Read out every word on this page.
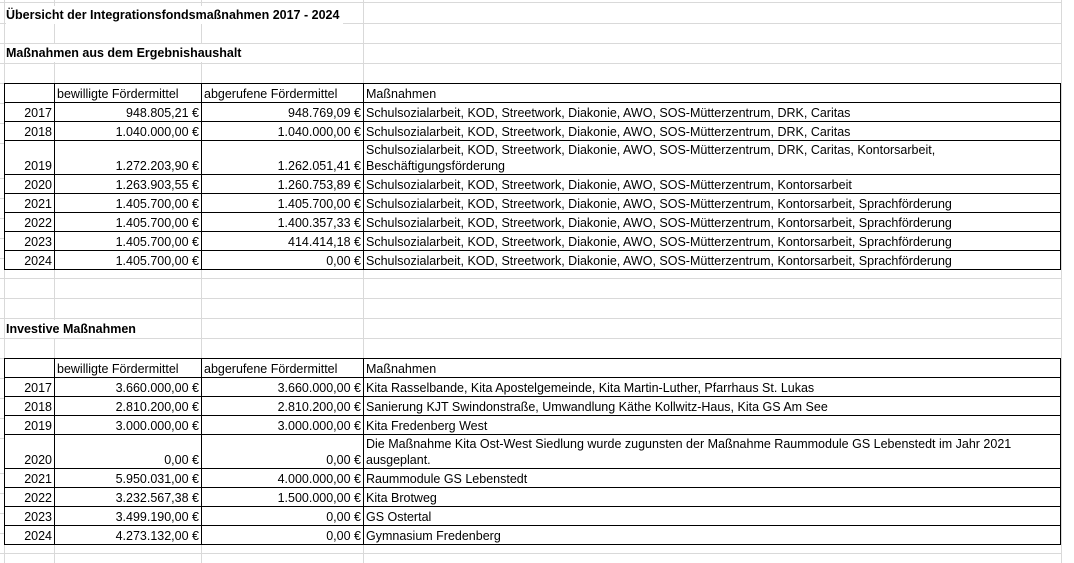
Übersicht der Integrationsfondsmaßnahmen 2017 - 2024
Maßnahmen aus dem Ergebnishaushalt
	bewilligte Fördermittel	abgerufene Fördermittel	Maßnahmen
2017	948.805,21 €	948.769,09 €	Schulsozialarbeit, KOD, Streetwork, Diakonie, AWO, SOS-Mütterzentrum, DRK, Caritas
2018	1.040.000,00 €	1.040.000,00 €	Schulsozialarbeit, KOD, Streetwork, Diakonie, AWO, SOS-Mütterzentrum, DRK, Caritas
2019	1.272.203,90 €	1.262.051,41 €	Schulsozialarbeit, KOD, Streetwork, Diakonie, AWO, SOS-Mütterzentrum, DRK, Caritas, Kontorsarbeit, Beschäftigungsförderung
2020	1.263.903,55 €	1.260.753,89 €	Schulsozialarbeit, KOD, Streetwork, Diakonie, AWO, SOS-Mütterzentrum, Kontorsarbeit
2021	1.405.700,00 €	1.405.700,00 €	Schulsozialarbeit, KOD, Streetwork, Diakonie, AWO, SOS-Mütterzentrum, Kontorsarbeit, Sprachförderung
2022	1.405.700,00 €	1.400.357,33 €	Schulsozialarbeit, KOD, Streetwork, Diakonie, AWO, SOS-Mütterzentrum, Kontorsarbeit, Sprachförderung
2023	1.405.700,00 €	414.414,18 €	Schulsozialarbeit, KOD, Streetwork, Diakonie, AWO, SOS-Mütterzentrum, Kontorsarbeit, Sprachförderung
2024	1.405.700,00 €	0,00 €	Schulsozialarbeit, KOD, Streetwork, Diakonie, AWO, SOS-Mütterzentrum, Kontorsarbeit, Sprachförderung
Investive Maßnahmen
	bewilligte Fördermittel	abgerufene Fördermittel	Maßnahmen
2017	3.660.000,00 €	3.660.000,00 €	Kita Rasselbande, Kita Apostelgemeinde, Kita Martin-Luther, Pfarrhaus St. Lukas
2018	2.810.200,00 €	2.810.200,00 €	Sanierung KJT Swindonstraße, Umwandlung Käthe Kollwitz-Haus, Kita GS Am See
2019	3.000.000,00 €	3.000.000,00 €	Kita Fredenberg West
2020	0,00 €	0,00 €	Die Maßnahme Kita Ost-West Siedlung wurde zugunsten der Maßnahme Raummodule GS Lebenstedt im Jahr 2021 ausgeplant.
2021	5.950.031,00 €	4.000.000,00 €	Raummodule GS Lebenstedt
2022	3.232.567,38 €	1.500.000,00 €	Kita Brotweg
2023	3.499.190,00 €	0,00 €	GS Ostertal
2024	4.273.132,00 €	0,00 €	Gymnasium Fredenberg
